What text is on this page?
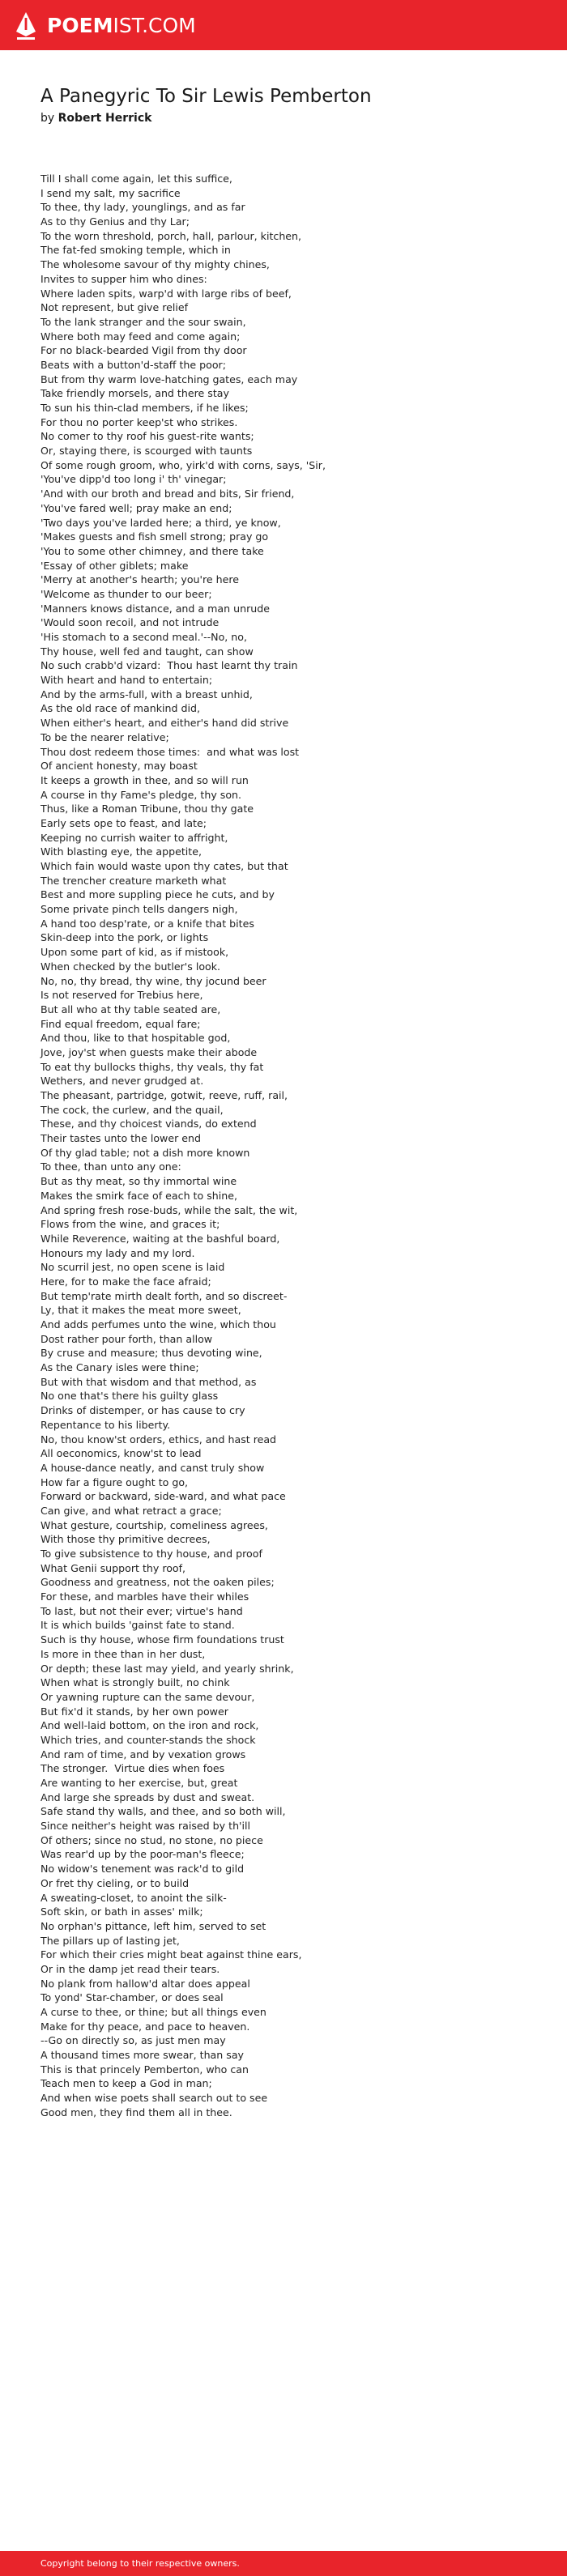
POEMIST.COM
A Panegyric To Sir Lewis Pemberton
by Robert Herrick
Till I shall come again, let this suffice,
I send my salt, my sacrifice
To thee, thy lady, younglings, and as far
As to thy Genius and thy Lar;
To the worn threshold, porch, hall, parlour, kitchen,
The fat-fed smoking temple, which in
The wholesome savour of thy mighty chines,
Invites to supper him who dines:
Where laden spits, warp'd with large ribs of beef,
Not represent, but give relief
To the lank stranger and the sour swain,
Where both may feed and come again;
For no black-bearded Vigil from thy door
Beats with a button'd-staff the poor;
But from thy warm love-hatching gates, each may
Take friendly morsels, and there stay
To sun his thin-clad members, if he likes;
For thou no porter keep'st who strikes.
No comer to thy roof his guest-rite wants;
Or, staying there, is scourged with taunts
Of some rough groom, who, yirk'd with corns, says, 'Sir,
'You've dipp'd too long i' th' vinegar;
'And with our broth and bread and bits, Sir friend,
'You've fared well; pray make an end;
'Two days you've larded here; a third, ye know,
'Makes guests and fish smell strong; pray go
'You to some other chimney, and there take
'Essay of other giblets; make
'Merry at another's hearth; you're here
'Welcome as thunder to our beer;
'Manners knows distance, and a man unrude
'Would soon recoil, and not intrude
'His stomach to a second meal.'--No, no,
Thy house, well fed and taught, can show
No such crabb'd vizard:  Thou hast learnt thy train
With heart and hand to entertain;
And by the arms-full, with a breast unhid,
As the old race of mankind did,
When either's heart, and either's hand did strive
To be the nearer relative;
Thou dost redeem those times:  and what was lost
Of ancient honesty, may boast
It keeps a growth in thee, and so will run
A course in thy Fame's pledge, thy son.
Thus, like a Roman Tribune, thou thy gate
Early sets ope to feast, and late;
Keeping no currish waiter to affright,
With blasting eye, the appetite,
Which fain would waste upon thy cates, but that
The trencher creature marketh what
Best and more suppling piece he cuts, and by
Some private pinch tells dangers nigh,
A hand too desp'rate, or a knife that bites
Skin-deep into the pork, or lights
Upon some part of kid, as if mistook,
When checked by the butler's look.
No, no, thy bread, thy wine, thy jocund beer
Is not reserved for Trebius here,
But all who at thy table seated are,
Find equal freedom, equal fare;
And thou, like to that hospitable god,
Jove, joy'st when guests make their abode
To eat thy bullocks thighs, thy veals, thy fat
Wethers, and never grudged at.
The pheasant, partridge, gotwit, reeve, ruff, rail,
The cock, the curlew, and the quail,
These, and thy choicest viands, do extend
Their tastes unto the lower end
Of thy glad table; not a dish more known
To thee, than unto any one:
But as thy meat, so thy immortal wine
Makes the smirk face of each to shine,
And spring fresh rose-buds, while the salt, the wit,
Flows from the wine, and graces it;
While Reverence, waiting at the bashful board,
Honours my lady and my lord.
No scurril jest, no open scene is laid
Here, for to make the face afraid;
But temp'rate mirth dealt forth, and so discreet-
Ly, that it makes the meat more sweet,
And adds perfumes unto the wine, which thou
Dost rather pour forth, than allow
By cruse and measure; thus devoting wine,
As the Canary isles were thine;
But with that wisdom and that method, as
No one that's there his guilty glass
Drinks of distemper, or has cause to cry
Repentance to his liberty.
No, thou know'st orders, ethics, and hast read
All oeconomics, know'st to lead
A house-dance neatly, and canst truly show
How far a figure ought to go,
Forward or backward, side-ward, and what pace
Can give, and what retract a grace;
What gesture, courtship, comeliness agrees,
With those thy primitive decrees,
To give subsistence to thy house, and proof
What Genii support thy roof,
Goodness and greatness, not the oaken piles;
For these, and marbles have their whiles
To last, but not their ever; virtue's hand
It is which builds 'gainst fate to stand.
Such is thy house, whose firm foundations trust
Is more in thee than in her dust,
Or depth; these last may yield, and yearly shrink,
When what is strongly built, no chink
Or yawning rupture can the same devour,
But fix'd it stands, by her own power
And well-laid bottom, on the iron and rock,
Which tries, and counter-stands the shock
And ram of time, and by vexation grows
The stronger.  Virtue dies when foes
Are wanting to her exercise, but, great
And large she spreads by dust and sweat.
Safe stand thy walls, and thee, and so both will,
Since neither's height was raised by th'ill
Of others; since no stud, no stone, no piece
Was rear'd up by the poor-man's fleece;
No widow's tenement was rack'd to gild
Or fret thy cieling, or to build
A sweating-closet, to anoint the silk-
Soft skin, or bath in asses' milk;
No orphan's pittance, left him, served to set
The pillars up of lasting jet,
For which their cries might beat against thine ears,
Or in the damp jet read their tears.
No plank from hallow'd altar does appeal
To yond' Star-chamber, or does seal
A curse to thee, or thine; but all things even
Make for thy peace, and pace to heaven.
--Go on directly so, as just men may
A thousand times more swear, than say
This is that princely Pemberton, who can
Teach men to keep a God in man;
And when wise poets shall search out to see
Good men, they find them all in thee.
Copyright belong to their respective owners.
